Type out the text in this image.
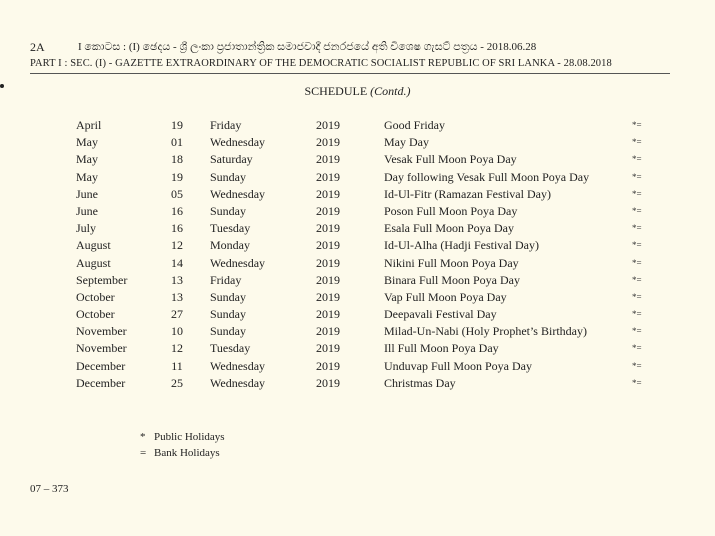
2A	I කොටස : (I) ඡෙදය - ශ්‍රී ලංකා ප්‍රජාතාන්ත්‍රික සමාජවාදී ජනරජයේ අති විශෙෂ ගැසට් පත්‍රය - 2018.06.28
PART I : SEC. (I) - GAZETTE EXTRAORDINARY OF THE DEMOCRATIC SOCIALIST REPUBLIC OF SRI LANKA - 28.08.2018
SCHEDULE (Contd.)
April	19	Friday	2019	Good Friday	*=
May	01	Wednesday	2019	May Day	*=
May	18	Saturday	2019	Vesak Full Moon Poya Day	*=
May	19	Sunday	2019	Day following Vesak Full Moon Poya Day	*=
June	05	Wednesday	2019	Id-Ul-Fitr (Ramazan Festival Day)	*=
June	16	Sunday	2019	Poson Full Moon Poya Day	*=
July	16	Tuesday	2019	Esala Full Moon Poya Day	*=
August	12	Monday	2019	Id-Ul-Alha (Hadji Festival Day)	*=
August	14	Wednesday	2019	Nikini Full Moon Poya Day	*=
September	13	Friday	2019	Binara Full Moon Poya Day	*=
October	13	Sunday	2019	Vap Full Moon Poya Day	*=
October	27	Sunday	2019	Deepavali Festival Day	*=
November	10	Sunday	2019	Milad-Un-Nabi (Holy Prophet’s Birthday)	*=
November	12	Tuesday	2019	Ill Full Moon Poya Day	*=
December	11	Wednesday	2019	Unduvap Full Moon Poya Day	*=
December	25	Wednesday	2019	Christmas Day	*=
* Public Holidays
= Bank Holidays
07 – 373
